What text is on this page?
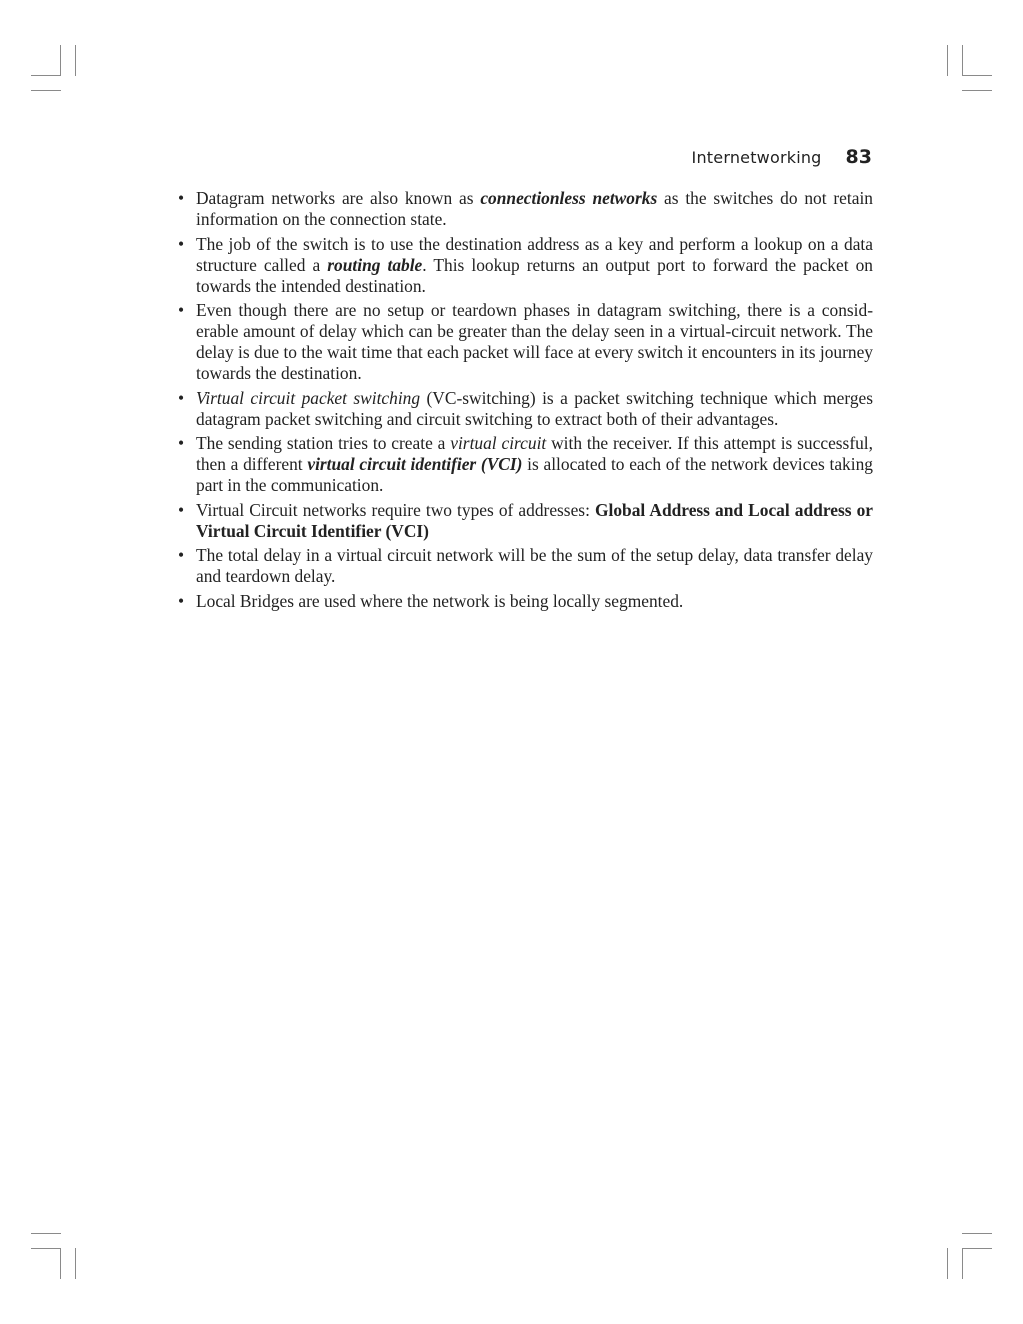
Internetworking 83
• Datagram networks are also known as connectionless networks as the switches do not retain information on the connection state.
• The job of the switch is to use the destination address as a key and perform a lookup on a data structure called a routing table. This lookup returns an output port to forward the packet on towards the intended destination.
• Even though there are no setup or teardown phases in datagram switching, there is a consid-erable amount of delay which can be greater than the delay seen in a virtual-circuit network. The delay is due to the wait time that each packet will face at every switch it encounters in its journey towards the destination.
• Virtual circuit packet switching (VC-switching) is a packet switching technique which merges datagram packet switching and circuit switching to extract both of their advantages.
• The sending station tries to create a virtual circuit with the receiver. If this attempt is successful, then a different virtual circuit identifier (VCI) is allocated to each of the network devices taking part in the communication.
• Virtual Circuit networks require two types of addresses: Global Address and Local address or Virtual Circuit Identifier (VCI)
• The total delay in a virtual circuit network will be the sum of the setup delay, data transfer delay and teardown delay.
• Local Bridges are used where the network is being locally segmented.
